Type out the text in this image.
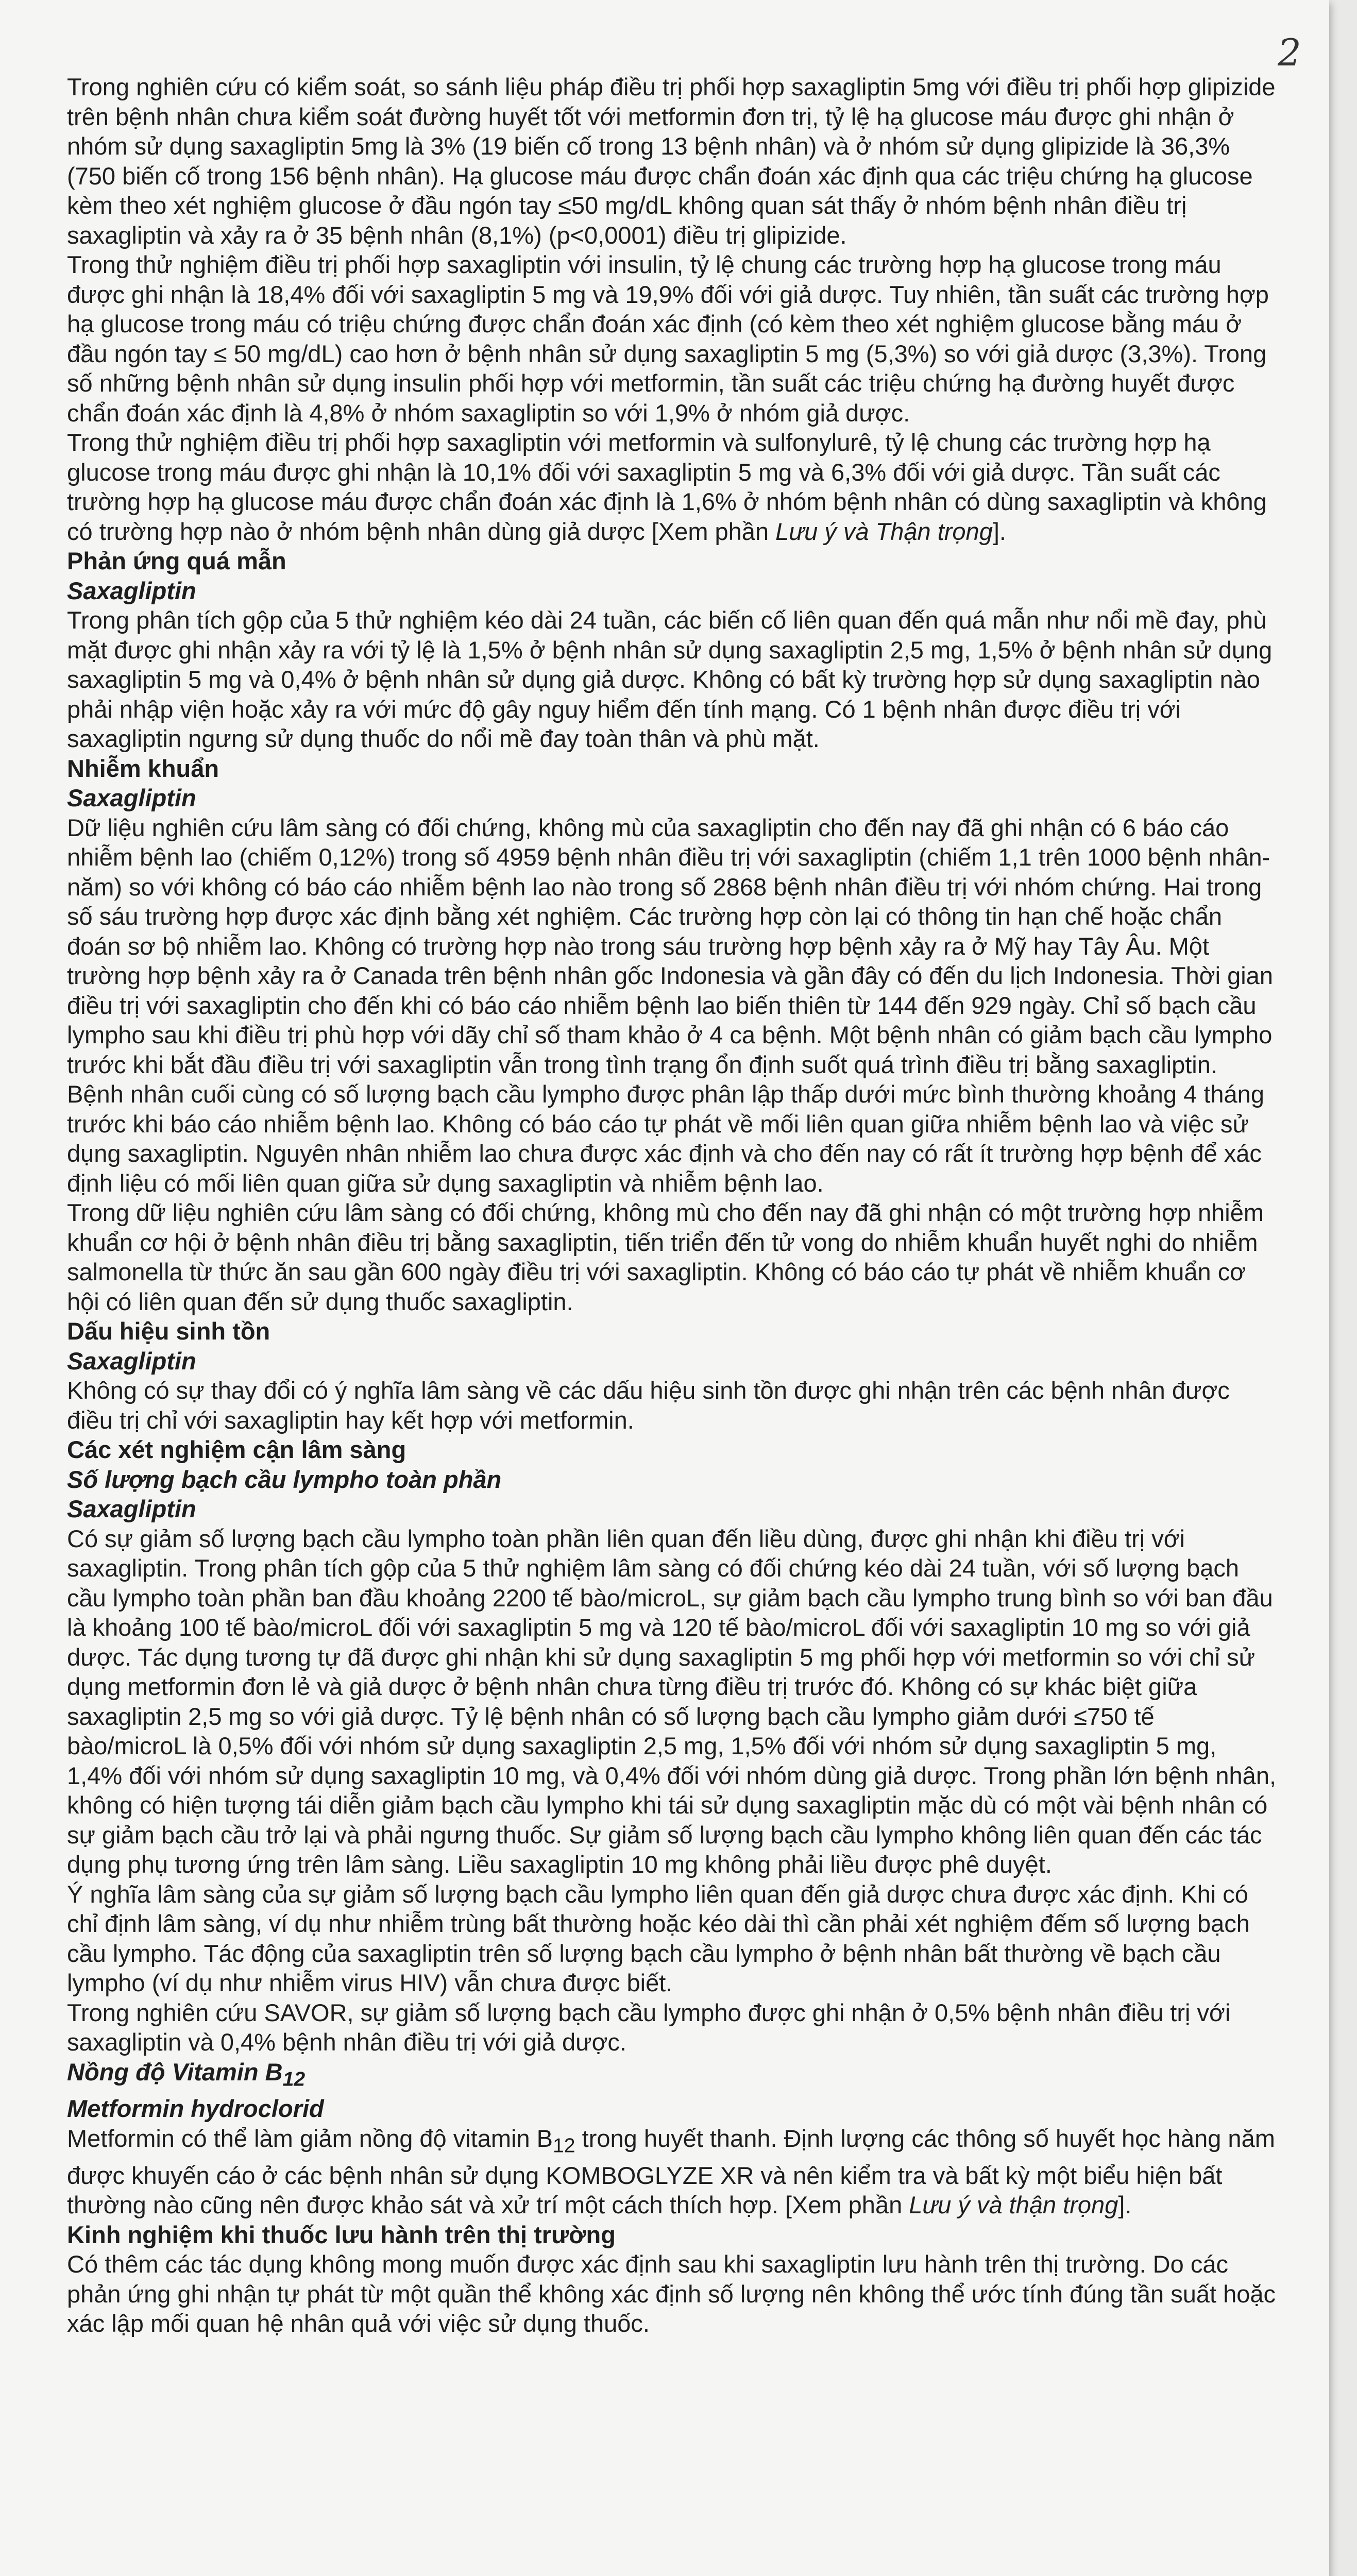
2

Trong nghiên cứu có kiểm soát, so sánh liệu pháp điều trị phối hợp saxagliptin 5mg với điều trị phối hợp glipizide trên bệnh nhân chưa kiểm soát đường huyết tốt với metformin đơn trị, tỷ lệ hạ glucose máu được ghi nhận ở nhóm sử dụng saxagliptin 5mg là 3% (19 biến cố trong 13 bệnh nhân) và ở nhóm sử dụng glipizide là 36,3% (750 biến cố trong 156 bệnh nhân). Hạ glucose máu được chẩn đoán xác định qua các triệu chứng hạ glucose kèm theo xét nghiệm glucose ở đầu ngón tay ≤50 mg/dL không quan sát thấy ở nhóm bệnh nhân điều trị saxagliptin và xảy ra ở 35 bệnh nhân (8,1%) (p<0,0001) điều trị glipizide.

Trong thử nghiệm điều trị phối hợp saxagliptin với insulin, tỷ lệ chung các trường hợp hạ glucose trong máu được ghi nhận là 18,4% đối với saxagliptin 5 mg và 19,9% đối với giả dược. Tuy nhiên, tần suất các trường hợp hạ glucose trong máu có triệu chứng được chẩn đoán xác định (có kèm theo xét nghiệm glucose bằng máu ở đầu ngón tay ≤ 50 mg/dL) cao hơn ở bệnh nhân sử dụng saxagliptin 5 mg (5,3%) so với giả dược (3,3%). Trong số những bệnh nhân sử dụng insulin phối hợp với metformin, tần suất các triệu chứng hạ đường huyết được chẩn đoán xác định là 4,8% ở nhóm saxagliptin so với 1,9% ở nhóm giả dược.

Trong thử nghiệm điều trị phối hợp saxagliptin với metformin và sulfonylurê, tỷ lệ chung các trường hợp hạ glucose trong máu được ghi nhận là 10,1% đối với saxagliptin 5 mg và 6,3% đối với giả dược. Tần suất các trường hợp hạ glucose máu được chẩn đoán xác định là 1,6% ở nhóm bệnh nhân có dùng saxagliptin và không có trường hợp nào ở nhóm bệnh nhân dùng giả dược [Xem phần Lưu ý và Thận trọng].

Phản ứng quá mẫn

Saxagliptin

Trong phân tích gộp của 5 thử nghiệm kéo dài 24 tuần, các biến cố liên quan đến quá mẫn như nổi mề đay, phù mặt được ghi nhận xảy ra với tỷ lệ là 1,5% ở bệnh nhân sử dụng saxagliptin 2,5 mg, 1,5% ở bệnh nhân sử dụng saxagliptin 5 mg và 0,4% ở bệnh nhân sử dụng giả dược. Không có bất kỳ trường hợp sử dụng saxagliptin nào phải nhập viện hoặc xảy ra với mức độ gây nguy hiểm đến tính mạng. Có 1 bệnh nhân được điều trị với saxagliptin ngưng sử dụng thuốc do nổi mề đay toàn thân và phù mặt.

Nhiễm khuẩn

Saxagliptin

Dữ liệu nghiên cứu lâm sàng có đối chứng, không mù của saxagliptin cho đến nay đã ghi nhận có 6 báo cáo nhiễm bệnh lao (chiếm 0,12%) trong số 4959 bệnh nhân điều trị với saxagliptin (chiếm 1,1 trên 1000 bệnh nhân-năm) so với không có báo cáo nhiễm bệnh lao nào trong số 2868 bệnh nhân điều trị với nhóm chứng. Hai trong số sáu trường hợp được xác định bằng xét nghiệm. Các trường hợp còn lại có thông tin hạn chế hoặc chẩn đoán sơ bộ nhiễm lao. Không có trường hợp nào trong sáu trường hợp bệnh xảy ra ở Mỹ hay Tây Âu. Một trường hợp bệnh xảy ra ở Canada trên bệnh nhân gốc Indonesia và gần đây có đến du lịch Indonesia. Thời gian điều trị với saxagliptin cho đến khi có báo cáo nhiễm bệnh lao biến thiên từ 144 đến 929 ngày. Chỉ số bạch cầu lympho sau khi điều trị phù hợp với dãy chỉ số tham khảo ở 4 ca bệnh. Một bệnh nhân có giảm bạch cầu lympho trước khi bắt đầu điều trị với saxagliptin vẫn trong tình trạng ổn định suốt quá trình điều trị bằng saxagliptin. Bệnh nhân cuối cùng có số lượng bạch cầu lympho được phân lập thấp dưới mức bình thường khoảng 4 tháng trước khi báo cáo nhiễm bệnh lao. Không có báo cáo tự phát về mối liên quan giữa nhiễm bệnh lao và việc sử dụng saxagliptin. Nguyên nhân nhiễm lao chưa được xác định và cho đến nay có rất ít trường hợp bệnh để xác định liệu có mối liên quan giữa sử dụng saxagliptin và nhiễm bệnh lao.

Trong dữ liệu nghiên cứu lâm sàng có đối chứng, không mù cho đến nay đã ghi nhận có một trường hợp nhiễm khuẩn cơ hội ở bệnh nhân điều trị bằng saxagliptin, tiến triển đến tử vong do nhiễm khuẩn huyết nghi do nhiễm salmonella từ thức ăn sau gần 600 ngày điều trị với saxagliptin. Không có báo cáo tự phát về nhiễm khuẩn cơ hội có liên quan đến sử dụng thuốc saxagliptin.

Dấu hiệu sinh tồn

Saxagliptin

Không có sự thay đổi có ý nghĩa lâm sàng về các dấu hiệu sinh tồn được ghi nhận trên các bệnh nhân được điều trị chỉ với saxagliptin hay kết hợp với metformin.

Các xét nghiệm cận lâm sàng

Số lượng bạch cầu lympho toàn phần

Saxagliptin

Có sự giảm số lượng bạch cầu lympho toàn phần liên quan đến liều dùng, được ghi nhận khi điều trị với saxagliptin. Trong phân tích gộp của 5 thử nghiệm lâm sàng có đối chứng kéo dài 24 tuần, với số lượng bạch cầu lympho toàn phần ban đầu khoảng 2200 tế bào/microL, sự giảm bạch cầu lympho trung bình so với ban đầu là khoảng 100 tế bào/microL đối với saxagliptin 5 mg và 120 tế bào/microL đối với saxagliptin 10 mg so với giả dược. Tác dụng tương tự đã được ghi nhận khi sử dụng saxagliptin 5 mg phối hợp với metformin so với chỉ sử dụng metformin đơn lẻ và giả dược ở bệnh nhân chưa từng điều trị trước đó. Không có sự khác biệt giữa saxagliptin 2,5 mg so với giả dược. Tỷ lệ bệnh nhân có số lượng bạch cầu lympho giảm dưới ≤750 tế bào/microL là 0,5% đối với nhóm sử dụng saxagliptin 2,5 mg, 1,5% đối với nhóm sử dụng saxagliptin 5 mg, 1,4% đối với nhóm sử dụng saxagliptin 10 mg, và 0,4% đối với nhóm dùng giả dược. Trong phần lớn bệnh nhân, không có hiện tượng tái diễn giảm bạch cầu lympho khi tái sử dụng saxagliptin mặc dù có một vài bệnh nhân có sự giảm bạch cầu trở lại và phải ngưng thuốc. Sự giảm số lượng bạch cầu lympho không liên quan đến các tác dụng phụ tương ứng trên lâm sàng. Liều saxagliptin 10 mg không phải liều được phê duyệt.

Ý nghĩa lâm sàng của sự giảm số lượng bạch cầu lympho liên quan đến giả dược chưa được xác định. Khi có chỉ định lâm sàng, ví dụ như nhiễm trùng bất thường hoặc kéo dài thì cần phải xét nghiệm đếm số lượng bạch cầu lympho. Tác động của saxagliptin trên số lượng bạch cầu lympho ở bệnh nhân bất thường về bạch cầu lympho (ví dụ như nhiễm virus HIV) vẫn chưa được biết.

Trong nghiên cứu SAVOR, sự giảm số lượng bạch cầu lympho được ghi nhận ở 0,5% bệnh nhân điều trị với saxagliptin và 0,4% bệnh nhân điều trị với giả dược.

Nồng độ Vitamin $B_{12}$

Metformin hydroclorid

Metformin có thể làm giảm nồng độ vitamin $B_{12}$ trong huyết thanh. Định lượng các thông số huyết học hàng năm được khuyến cáo ở các bệnh nhân sử dụng KOMBOGLYZE XR và nên kiểm tra và bất kỳ một biểu hiện bất thường nào cũng nên được khảo sát và xử trí một cách thích hợp. [Xem phần Lưu ý và thận trọng].

Kinh nghiệm khi thuốc lưu hành trên thị trường

Có thêm các tác dụng không mong muốn được xác định sau khi saxagliptin lưu hành trên thị trường. Do các phản ứng ghi nhận tự phát từ một quần thể không xác định số lượng nên không thể ước tính đúng tần suất hoặc xác lập mối quan hệ nhân quả với việc sử dụng thuốc.
